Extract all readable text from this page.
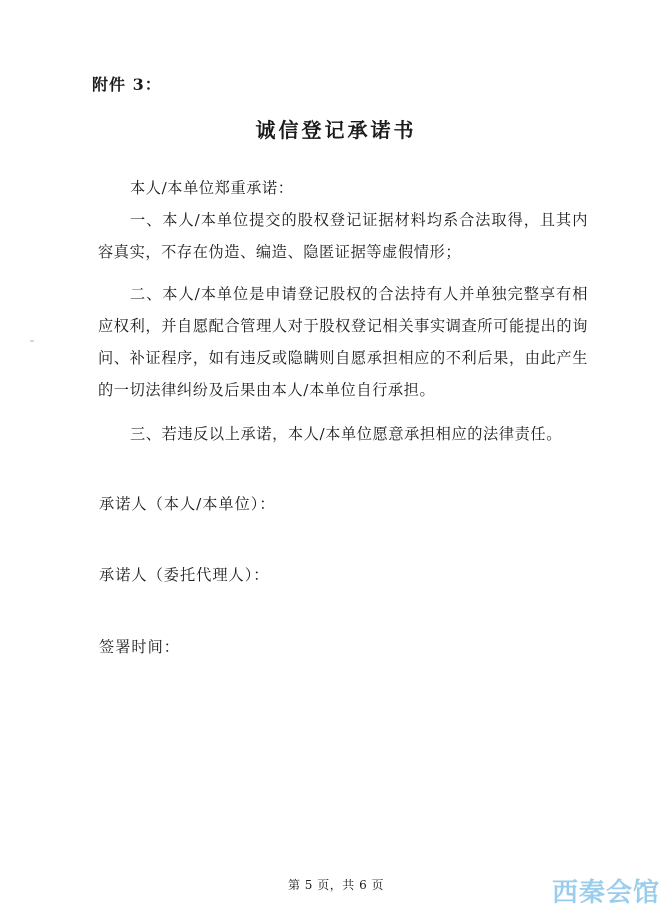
附件 3：
诚信登记承诺书

本人/本单位郑重承诺：

一、本人/本单位提交的股权登记证据材料均系合法取得，且其内容真实，不存在伪造、编造、隐匿证据等虚假情形；

二、本人/本单位是申请登记股权的合法持有人并单独完整享有相应权利，并自愿配合管理人对于股权登记相关事实调查所可能提出的询问、补证程序，如有违反或隐瞒则自愿承担相应的不利后果，由此产生的一切法律纠纷及后果由本人/本单位自行承担。

三、若违反以上承诺，本人/本单位愿意承担相应的法律责任。

承诺人（本人/本单位）：
承诺人（委托代理人）：
签署时间：
第 5 页，共 6 页	西秦会馆
